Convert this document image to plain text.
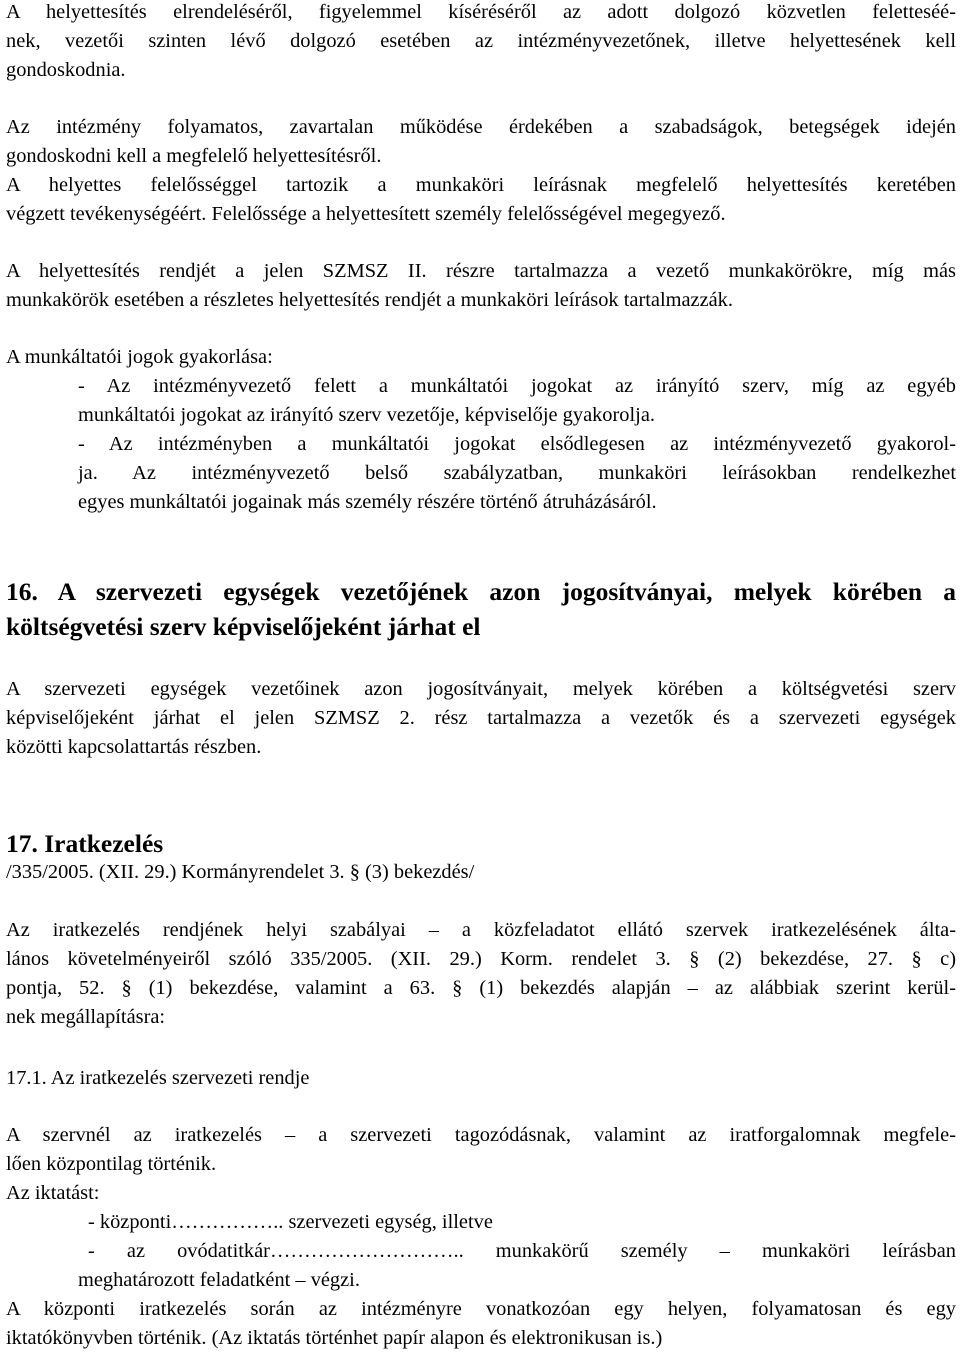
A helyettesítés elrendeléséről, figyelemmel kíséréséről az adott dolgozó közvetlen feletteséé-

nek, vezetői szinten lévő dolgozó esetében az intézményvezetőnek, illetve helyettesének kell

gondoskodnia.

Az intézmény folyamatos, zavartalan működése érdekében a szabadságok, betegségek idején

gondoskodni kell a megfelelő helyettesítésről.

A helyettes felelősséggel tartozik a munkaköri leírásnak megfelelő helyettesítés keretében

végzett tevékenységéért. Felelőssége a helyettesített személy felelősségével megegyező.

A helyettesítés rendjét a jelen SZMSZ II. részre tartalmazza a vezető munkakörökre, míg más

munkakörök esetében a részletes helyettesítés rendjét a munkaköri leírások tartalmazzák.

A munkáltatói jogok gyakorlása:

- Az intézményvezető felett a munkáltatói jogokat az irányító szerv, míg az egyéb

munkáltatói jogokat az irányító szerv vezetője, képviselője gyakorolja.

- Az intézményben a munkáltatói jogokat elsődlegesen az intézményvezető gyakorol-

ja. Az intézményvezető belső szabályzatban, munkaköri leírásokban rendelkezhet

egyes munkáltatói jogainak más személy részére történő átruházásáról.

16. A szervezeti egységek vezetőjének azon jogosítványai, melyek körében a

költségvetési szerv képviselőjeként járhat el

A szervezeti egységek vezetőinek azon jogosítványait, melyek körében a költségvetési szerv

képviselőjeként járhat el jelen SZMSZ 2. rész tartalmazza a vezetők és a szervezeti egységek

közötti kapcsolattartás részben.

17. Iratkezelés

/335/2005. (XII. 29.) Kormányrendelet 3. § (3) bekezdés/

Az iratkezelés rendjének helyi szabályai – a közfeladatot ellátó szervek iratkezelésének álta-

lános követelményeiről szóló 335/2005. (XII. 29.) Korm. rendelet 3. § (2) bekezdése, 27. § c)

pontja, 52. § (1) bekezdése, valamint a 63. § (1) bekezdés alapján – az alábbiak szerint kerül-

nek megállapításra:

17.1. Az iratkezelés szervezeti rendje

A szervnél az iratkezelés – a szervezeti tagozódásnak, valamint az iratforgalomnak megfele-

lően központilag történik.

Az iktatást:

- központi…………….. szervezeti egység, illetve

- az ovódatitkár……………………….. munkakörű személy – munkaköri leírásban

meghatározott feladatként – végzi.

A központi iratkezelés során az intézményre vonatkozóan egy helyen, folyamatosan és egy

iktatókönyvben történik. (Az iktatás történhet papír alapon és elektronikusan is.)
